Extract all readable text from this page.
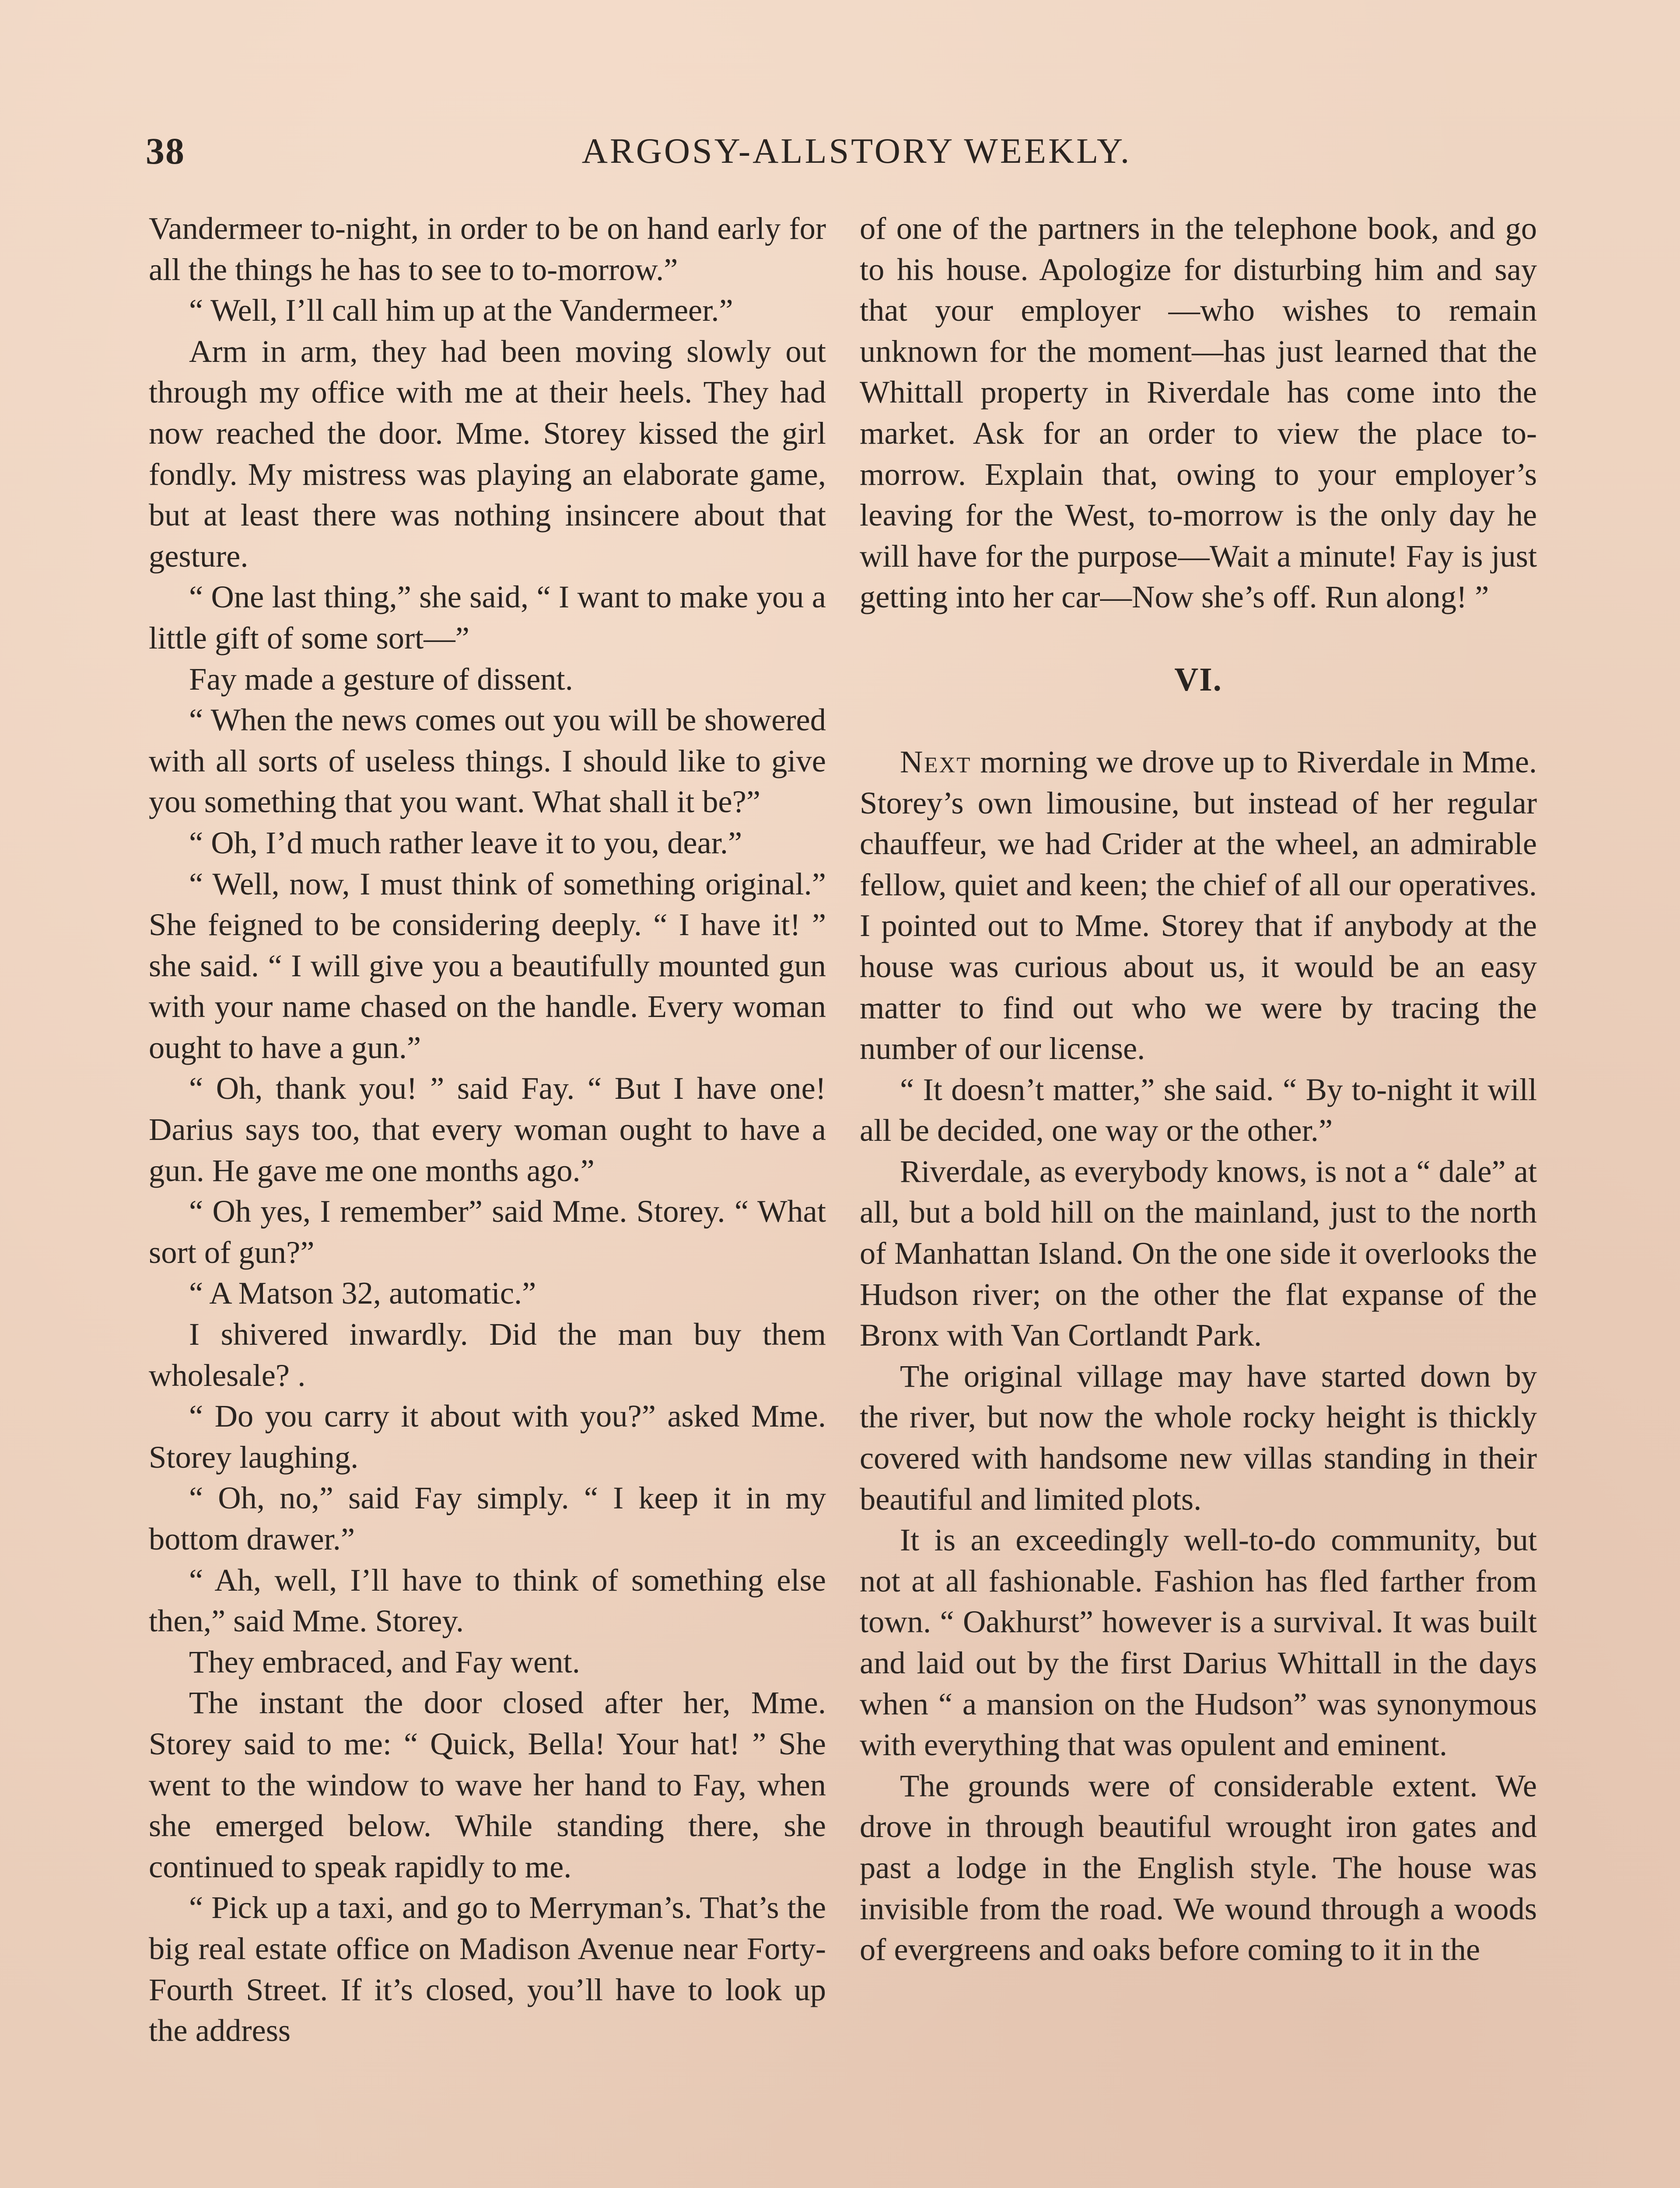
38	ARGOSY-ALLSTORY WEEKLY.

Vandermeer to-night, in order to be on hand early for all the things he has to see to to-morrow.”

“ Well, I’ll call him up at the Vandermeer.”

Arm in arm, they had been moving slowly out through my office with me at their heels. They had now reached the door. Mme. Storey kissed the girl fondly. My mistress was playing an elaborate game, but at least there was nothing insincere about that gesture.

“ One last thing,” she said, “ I want to make you a little gift of some sort—”

Fay made a gesture of dissent.

“ When the news comes out you will be showered with all sorts of useless things. I should like to give you something that you want. What shall it be?”

“ Oh, I’d much rather leave it to you, dear.”

“ Well, now, I must think of something original.” She feigned to be considering deeply. “ I have it! ” she said. “ I will give you a beautifully mounted gun with your name chased on the handle. Every woman ought to have a gun.”

“ Oh, thank you! ” said Fay. “ But I have one! Darius says too, that every woman ought to have a gun. He gave me one months ago.”

“ Oh yes, I remember” said Mme. Storey. “ What sort of gun?”

“ A Matson 32, automatic.”

I shivered inwardly. Did the man buy them wholesale? .

“ Do you carry it about with you?” asked Mme. Storey laughing.

“ Oh, no,” said Fay simply. “ I keep it in my bottom drawer.”

“ Ah, well, I’ll have to think of something else then,” said Mme. Storey.

They embraced, and Fay went.

The instant the door closed after her, Mme. Storey said to me: “ Quick, Bella! Your hat! ” She went to the window to wave her hand to Fay, when she emerged below. While standing there, she continued to speak rapidly to me.

“ Pick up a taxi, and go to Merryman’s. That’s the big real estate office on Madison Avenue near Forty-Fourth Street. If it’s closed, you’ll have to look up the address

of one of the partners in the telephone book, and go to his house. Apologize for disturbing him and say that your employer —who wishes to remain unknown for the moment—has just learned that the Whittall property in Riverdale has come into the market. Ask for an order to view the place to-morrow. Explain that, owing to your employer’s leaving for the West, to-morrow is the only day he will have for the purpose—Wait a minute! Fay is just getting into her car—Now she’s off. Run along! ”

VI.

Next morning we drove up to Riverdale in Mme. Storey’s own limousine, but instead of her regular chauffeur, we had Crider at the wheel, an admirable fellow, quiet and keen; the chief of all our operatives. I pointed out to Mme. Storey that if anybody at the house was curious about us, it would be an easy matter to find out who we were by tracing the number of our license.

“ It doesn’t matter,” she said. “ By to-night it will all be decided, one way or the other.”

Riverdale, as everybody knows, is not a “ dale” at all, but a bold hill on the mainland, just to the north of Manhattan Island. On the one side it overlooks the Hudson river; on the other the flat expanse of the Bronx with Van Cortlandt Park.

The original village may have started down by the river, but now the whole rocky height is thickly covered with handsome new villas standing in their beautiful and limited plots.

It is an exceedingly well-to-do community, but not at all fashionable. Fashion has fled farther from town. “ Oakhurst” however is a survival. It was built and laid out by the first Darius Whittall in the days when “ a mansion on the Hudson” was synonymous with everything that was opulent and eminent.

The grounds were of considerable extent. We drove in through beautiful wrought iron gates and past a lodge in the English style. The house was invisible from the road. We wound through a woods of evergreens and oaks before coming to it in the
